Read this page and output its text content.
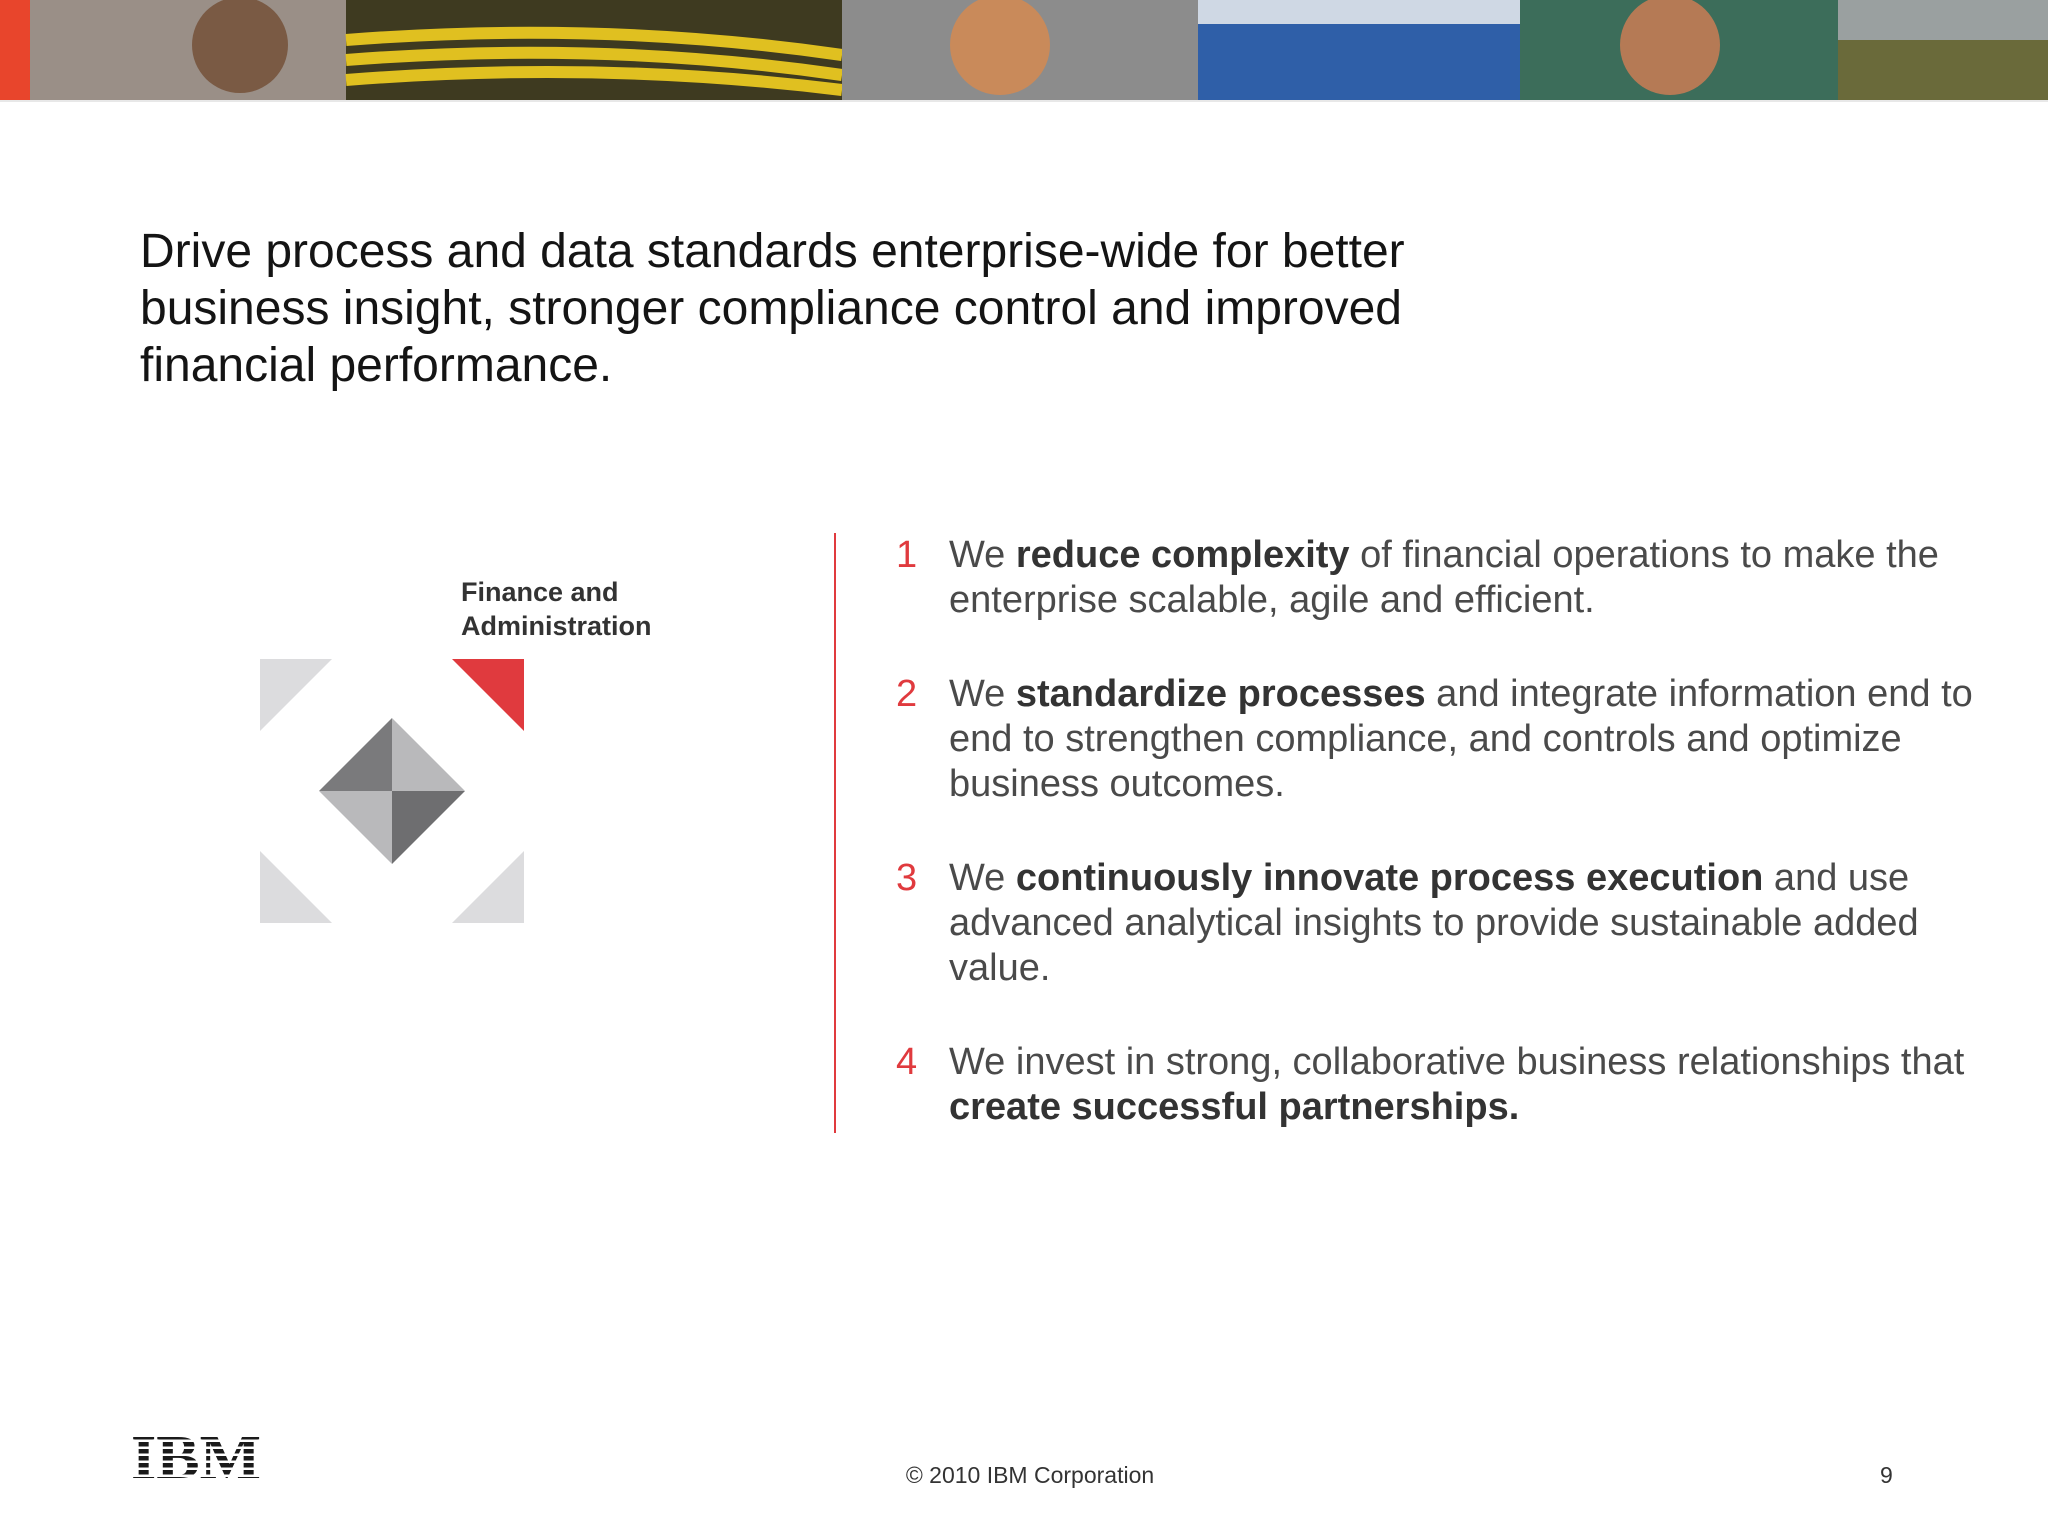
Drive process and data standards enterprise-wide for better business insight, stronger compliance control and improved financial performance.
Finance and
Administration
1 We reduce complexity of financial operations to make the enterprise scalable, agile and efficient.
2 We standardize processes and integrate information end to end to strengthen compliance, and controls and optimize business outcomes.
3 We continuously innovate process execution and use advanced analytical insights to provide sustainable added value.
4 We invest in strong, collaborative business relationships that create successful partnerships.
IBM	© 2010 IBM Corporation	9
